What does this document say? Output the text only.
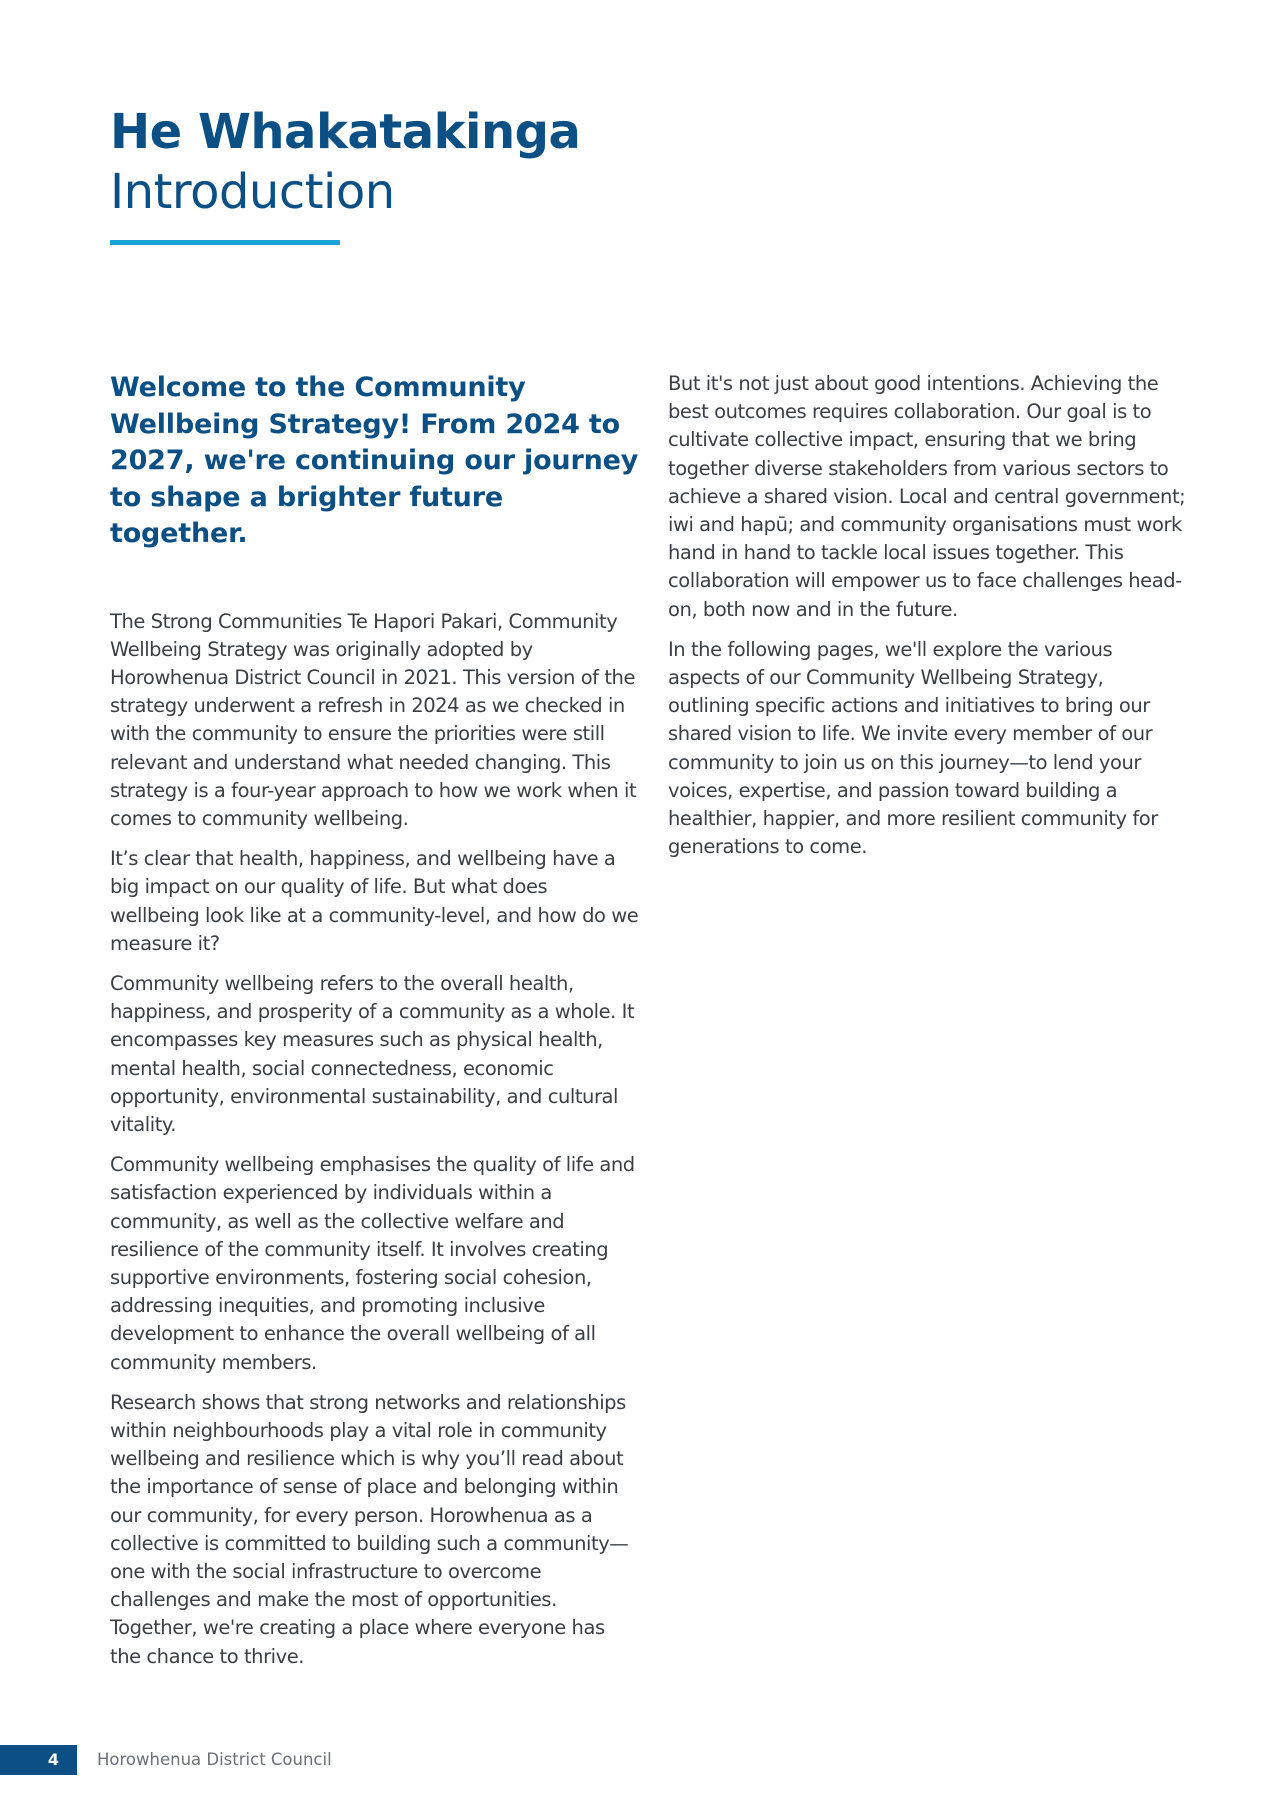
He Whakatakinga
Introduction

Welcome to the Community Wellbeing Strategy! From 2024 to 2027, we're continuing our journey to shape a brighter future together.

The Strong Communities Te Hapori Pakari, Community Wellbeing Strategy was originally adopted by Horowhenua District Council in 2021. This version of the strategy underwent a refresh in 2024 as we checked in with the community to ensure the priorities were still relevant and understand what needed changing. This strategy is a four-year approach to how we work when it comes to community wellbeing.

It’s clear that health, happiness, and wellbeing have a big impact on our quality of life. But what does wellbeing look like at a community-level, and how do we measure it?

Community wellbeing refers to the overall health, happiness, and prosperity of a community as a whole. It encompasses key measures such as physical health, mental health, social connectedness, economic opportunity, environmental sustainability, and cultural vitality.

Community wellbeing emphasises the quality of life and satisfaction experienced by individuals within a community, as well as the collective welfare and resilience of the community itself. It involves creating supportive environments, fostering social cohesion, addressing inequities, and promoting inclusive development to enhance the overall wellbeing of all community members.

Research shows that strong networks and relationships within neighbourhoods play a vital role in community wellbeing and resilience which is why you’ll read about the importance of sense of place and belonging within our community, for every person. Horowhenua as a collective is committed to building such a community—one with the social infrastructure to overcome challenges and make the most of opportunities. Together, we're creating a place where everyone has the chance to thrive.

But it's not just about good intentions. Achieving the best outcomes requires collaboration. Our goal is to cultivate collective impact, ensuring that we bring together diverse stakeholders from various sectors to achieve a shared vision. Local and central government; iwi and hapū; and community organisations must work hand in hand to tackle local issues together. This collaboration will empower us to face challenges head-on, both now and in the future.

In the following pages, we'll explore the various aspects of our Community Wellbeing Strategy, outlining specific actions and initiatives to bring our shared vision to life. We invite every member of our community to join us on this journey—to lend your voices, expertise, and passion toward building a healthier, happier, and more resilient community for generations to come.

4	Horowhenua District Council
